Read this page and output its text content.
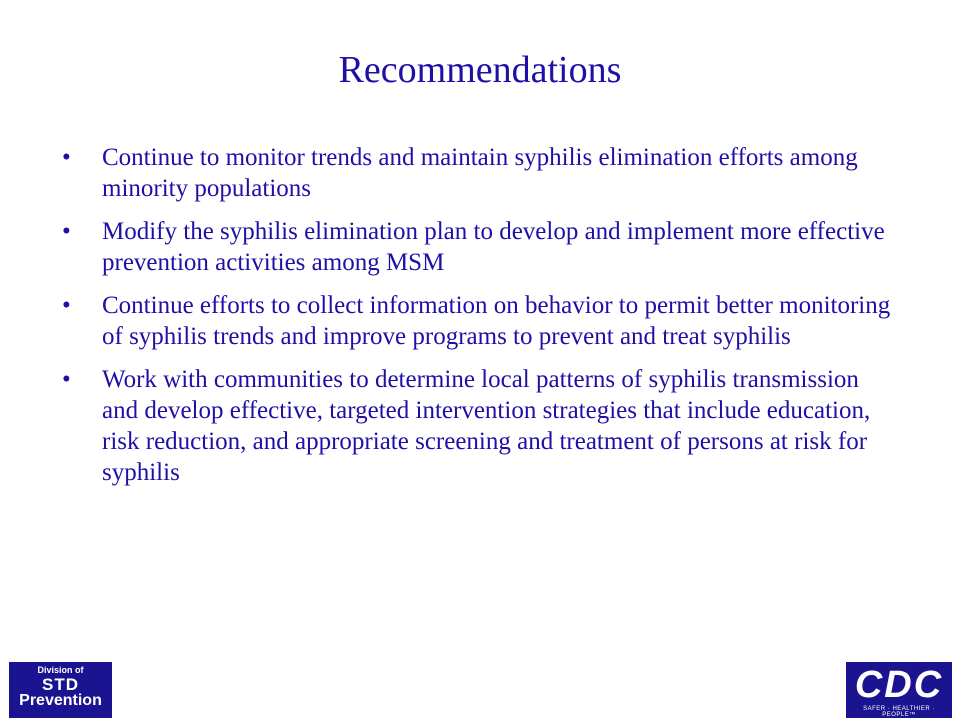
Recommendations
• Continue to monitor trends and maintain syphilis elimination efforts among minority populations
• Modify the syphilis elimination plan to develop and implement more effective prevention activities among MSM
• Continue efforts to collect information on behavior to permit better monitoring of syphilis trends and improve programs to prevent and treat syphilis
• Work with communities to determine local patterns of syphilis transmission and develop effective, targeted intervention strategies that include education, risk reduction, and appropriate screening and treatment of persons at risk for syphilis
Division of
STD
Prevention	CDC
SAFER · HEALTHIER · PEOPLE™
